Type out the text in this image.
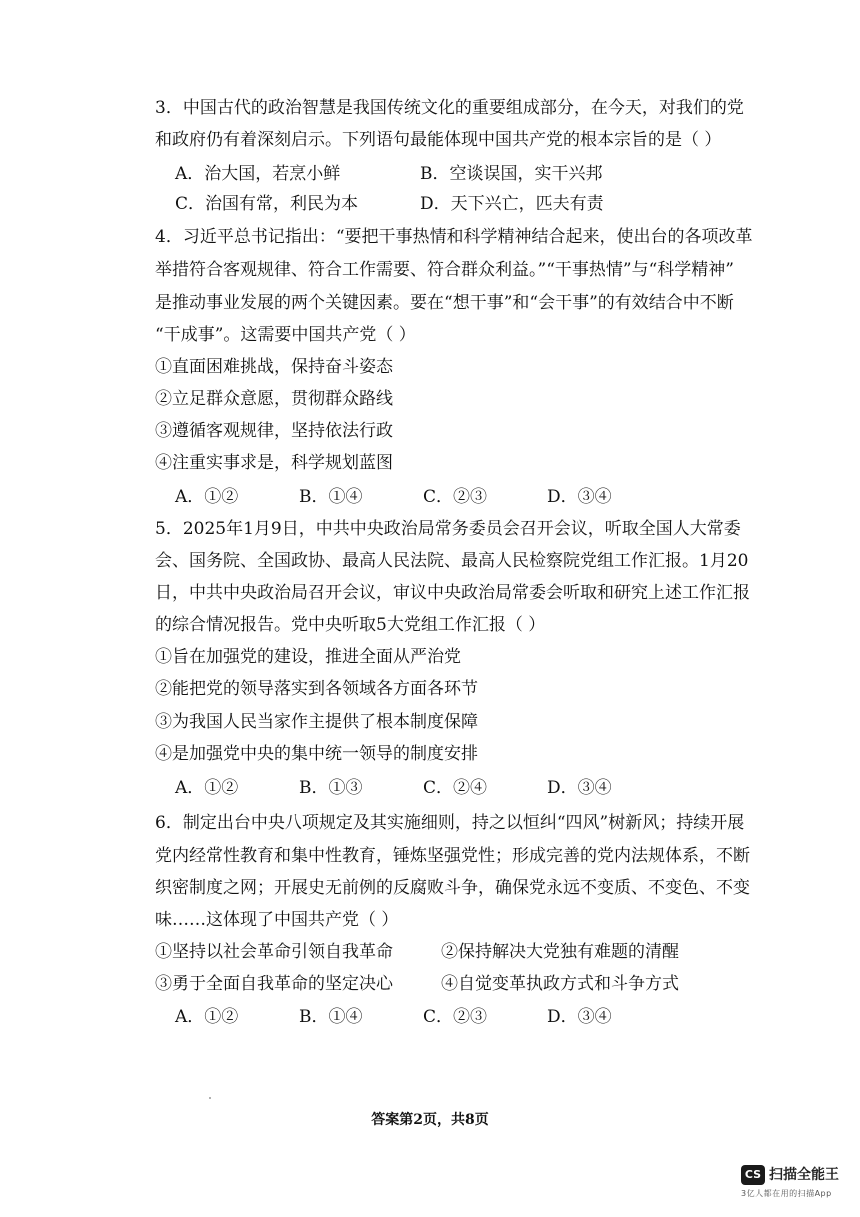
3．中国古代的政治智慧是我国传统文化的重要组成部分，在今天，对我们的党
和政府仍有着深刻启示。下列语句最能体现中国共产党的根本宗旨的是（ ）
A．治大国，若烹小鲜	B．空谈误国，实干兴邦
C．治国有常，利民为本	D．天下兴亡，匹夫有责
4．习近平总书记指出：“要把干事热情和科学精神结合起来，使出台的各项改革
举措符合客观规律、符合工作需要、符合群众利益。”“干事热情”与“科学精神”
是推动事业发展的两个关键因素。要在“想干事”和“会干事”的有效结合中不断
“干成事”。这需要中国共产党（ ）
①直面困难挑战，保持奋斗姿态
②立足群众意愿，贯彻群众路线
③遵循客观规律，坚持依法行政
④注重实事求是，科学规划蓝图
A．①②	B．①④	C．②③	D．③④
5．2025年1月9日，中共中央政治局常务委员会召开会议，听取全国人大常委
会、国务院、全国政协、最高人民法院、最高人民检察院党组工作汇报。1月20
日，中共中央政治局召开会议，审议中央政治局常委会听取和研究上述工作汇报
的综合情况报告。党中央听取5大党组工作汇报（ ）
①旨在加强党的建设，推进全面从严治党
②能把党的领导落实到各领域各方面各环节
③为我国人民当家作主提供了根本制度保障
④是加强党中央的集中统一领导的制度安排
A．①②	B．①③	C．②④	D．③④
6．制定出台中央八项规定及其实施细则，持之以恒纠“四风”树新风；持续开展
党内经常性教育和集中性教育，锤炼坚强党性；形成完善的党内法规体系，不断
织密制度之网；开展史无前例的反腐败斗争，确保党永远不变质、不变色、不变
味……这体现了中国共产党（ ）
①坚持以社会革命引领自我革命	②保持解决大党独有难题的清醒
③勇于全面自我革命的坚定决心	④自觉变革执政方式和斗争方式
A．①②	B．①④	C．②③	D．③④
答案第2页，共8页
CS 扫描全能王
3亿人都在用的扫描App
